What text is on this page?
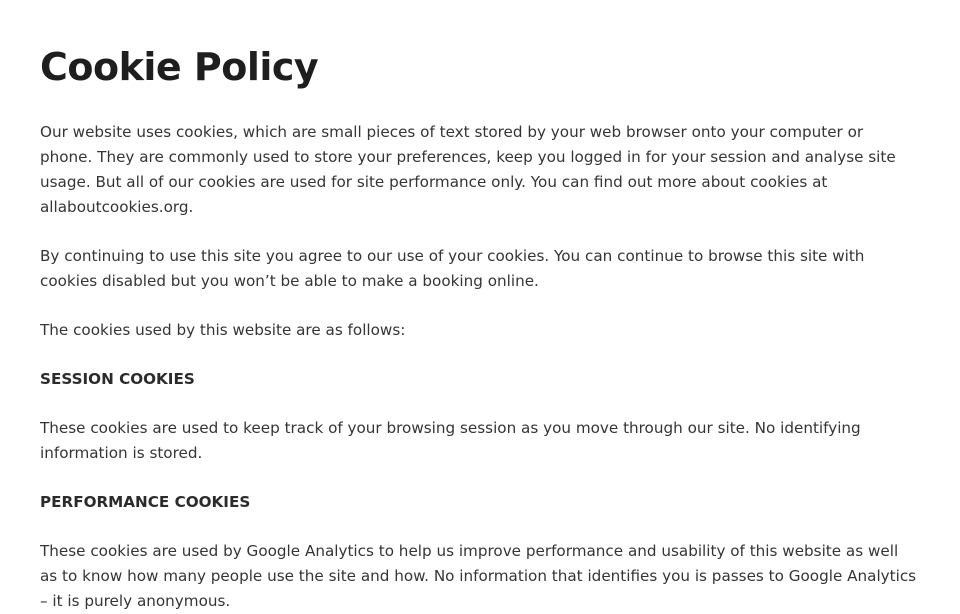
Cookie Policy

Our website uses cookies, which are small pieces of text stored by your web browser onto your computer or phone. They are commonly used to store your preferences, keep you logged in for your session and analyse site usage. But all of our cookies are used for site performance only. You can find out more about cookies at allaboutcookies.org.

By continuing to use this site you agree to our use of your cookies. You can continue to browse this site with cookies disabled but you won’t be able to make a booking online.

The cookies used by this website are as follows:

SESSION COOKIES

These cookies are used to keep track of your browsing session as you move through our site. No identifying information is stored.

PERFORMANCE COOKIES

These cookies are used by Google Analytics to help us improve performance and usability of this website as well as to know how many people use the site and how. No information that identifies you is passes to Google Analytics – it is purely anonymous.
